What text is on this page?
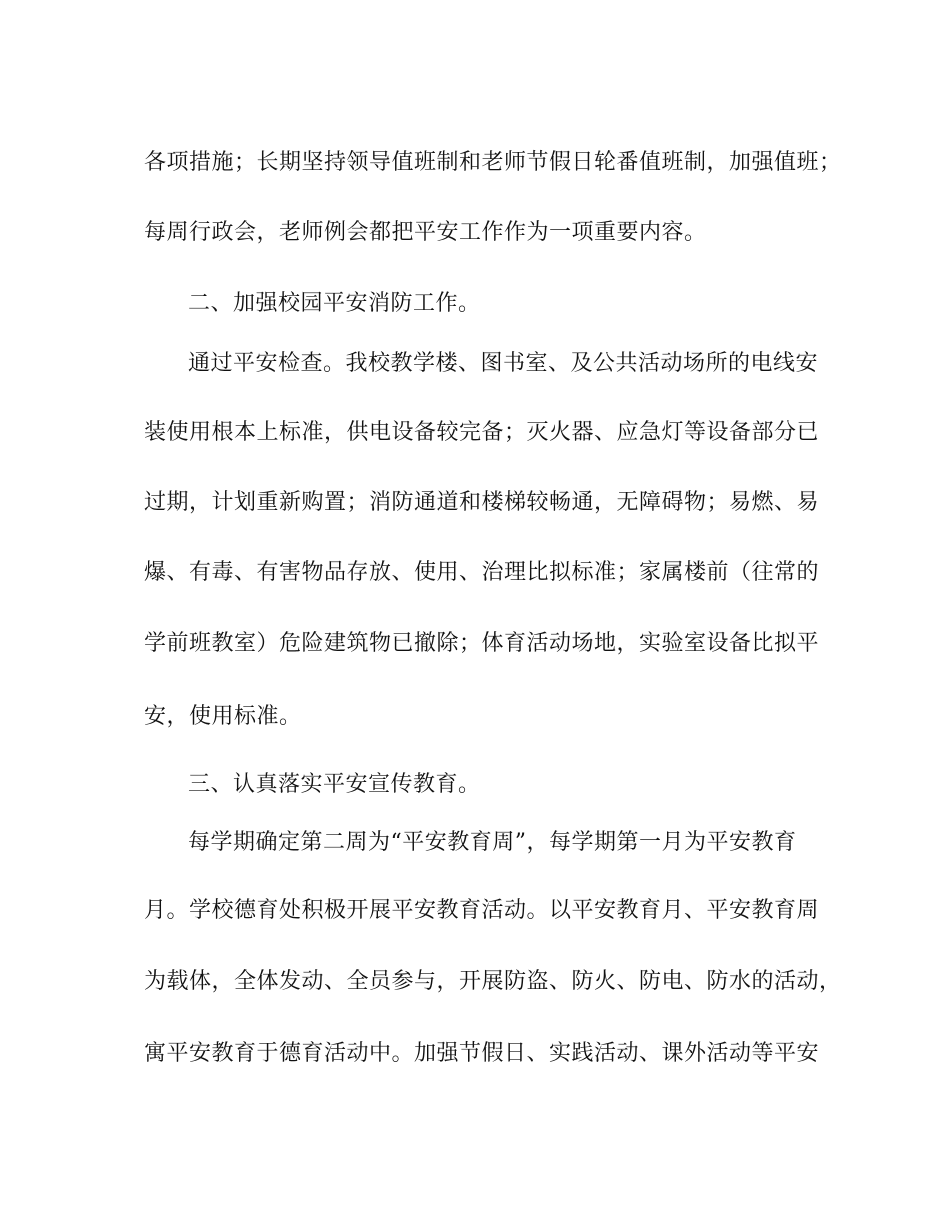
各项措施；长期坚持领导值班制和老师节假日轮番值班制，加强值班；
每周行政会，老师例会都把平安工作作为一项重要内容。
二、加强校园平安消防工作。
通过平安检查。我校教学楼、图书室、及公共活动场所的电线安
装使用根本上标准，供电设备较完备；灭火器、应急灯等设备部分已
过期，计划重新购置；消防通道和楼梯较畅通，无障碍物；易燃、易
爆、有毒、有害物品存放、使用、治理比拟标准；家属楼前（往常的
学前班教室）危险建筑物已撤除；体育活动场地，实验室设备比拟平
安，使用标准。
三、认真落实平安宣传教育。
每学期确定第二周为“平安教育周”，每学期第一月为平安教育
月。学校德育处积极开展平安教育活动。以平安教育月、平安教育周
为载体，全体发动、全员参与，开展防盗、防火、防电、防水的活动，
寓平安教育于德育活动中。加强节假日、实践活动、课外活动等平安
